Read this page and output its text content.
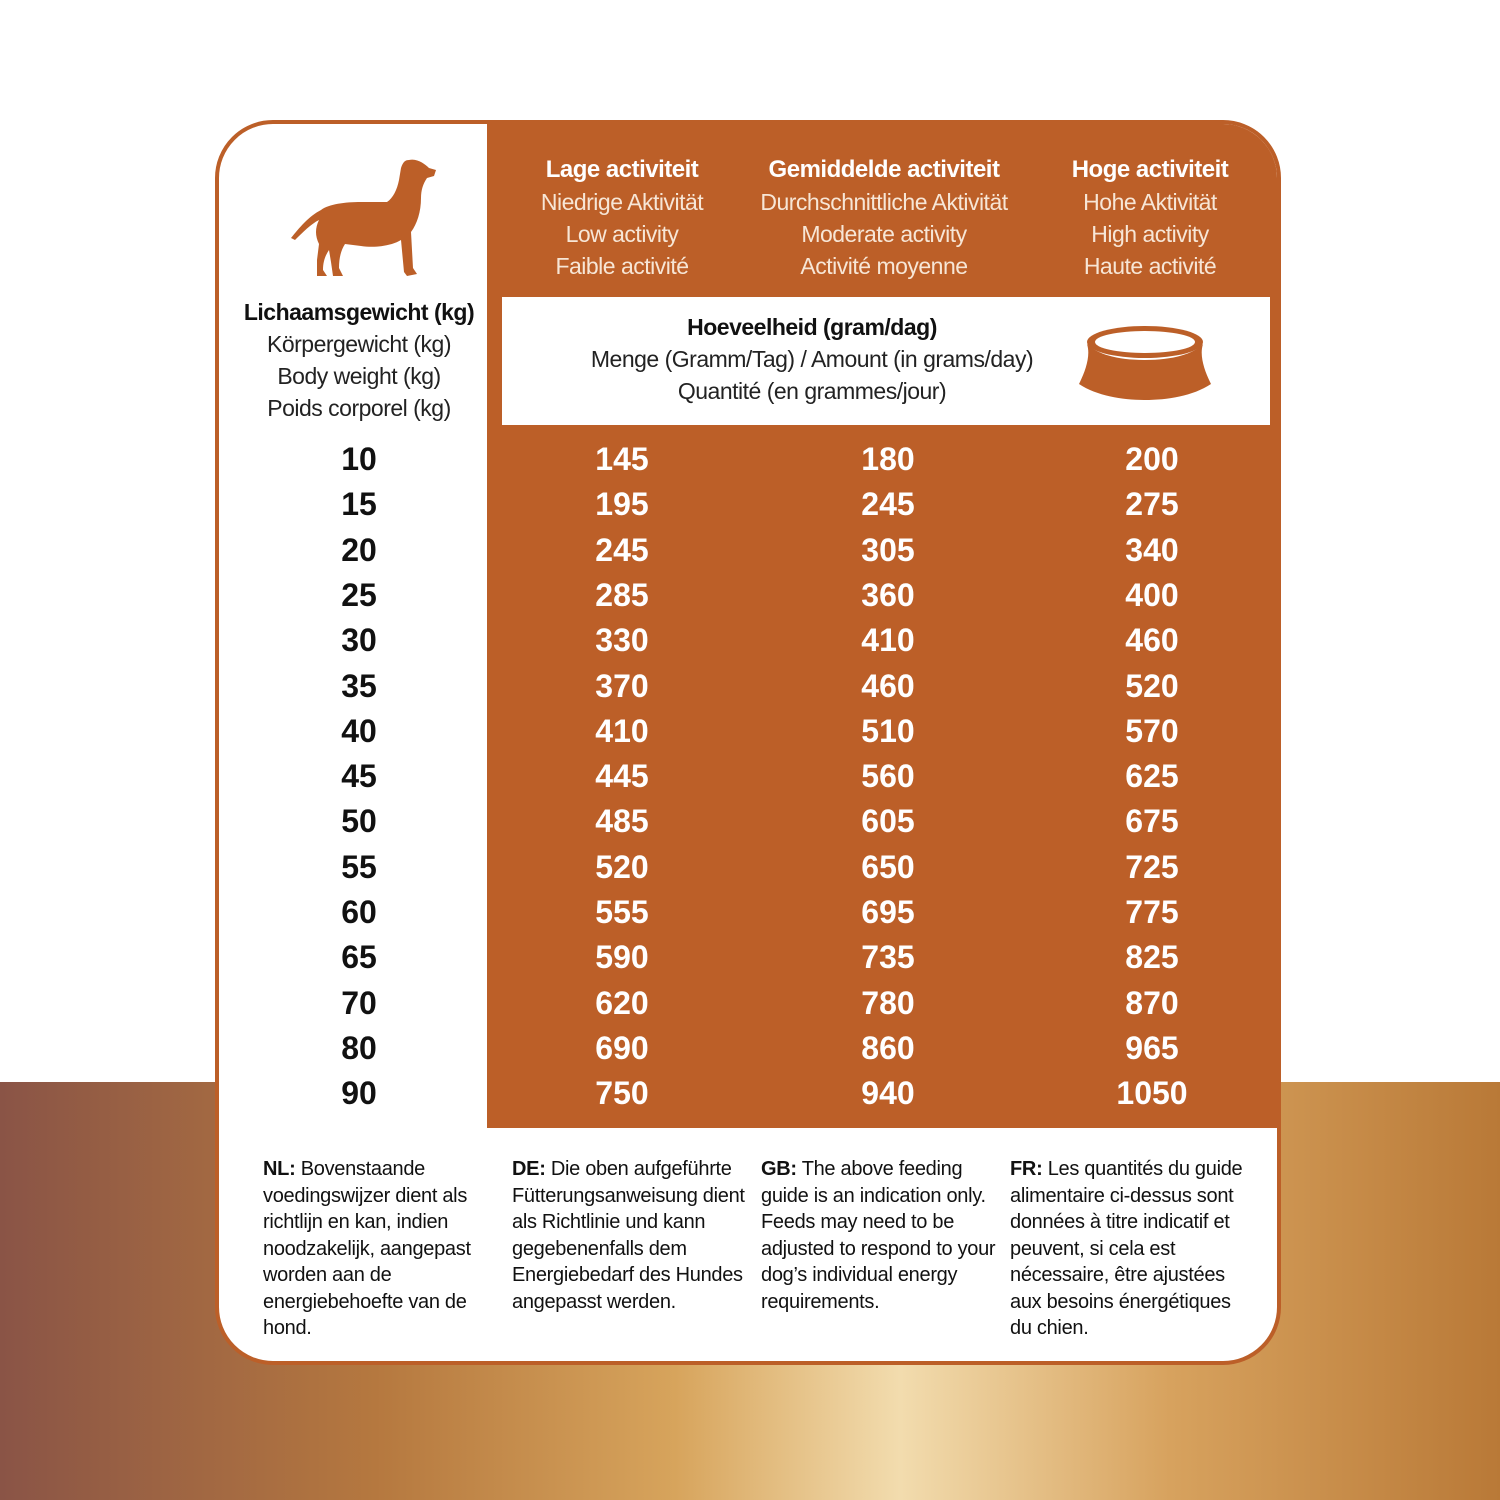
Lichaamsgewicht (kg)
Körpergewicht (kg)
Body weight (kg)
Poids corporel (kg)
Lage activiteit
Niedrige Aktivität
Low activity
Faible activité
Gemiddelde activiteit
Durchschnittliche Aktivität
Moderate activity
Activité moyenne
Hoge activiteit
Hohe Aktivität
High activity
Haute activité
Hoeveelheid (gram/dag)
Menge (Gramm/Tag) / Amount (in grams/day)
Quantité (en grammes/jour)
10	145	180	200
15	195	245	275
20	245	305	340
25	285	360	400
30	330	410	460
35	370	460	520
40	410	510	570
45	445	560	625
50	485	605	675
55	520	650	725
60	555	695	775
65	590	735	825
70	620	780	870
80	690	860	965
90	750	940	1050
NL: Bovenstaande voedingswijzer dient als richtlijn en kan, indien noodzakelijk, aangepast worden aan de energiebehoefte van de hond.
DE: Die oben aufgeführte Fütterungsanweisung dient als Richtlinie und kann gegebenenfalls dem Energiebedarf des Hundes angepasst werden.
GB: The above feeding guide is an indication only. Feeds may need to be adjusted to respond to your dog’s individual energy requirements.
FR: Les quantités du guide alimentaire ci-dessus sont données à titre indicatif et peuvent, si cela est nécessaire, être ajustées aux besoins énergétiques du chien.
